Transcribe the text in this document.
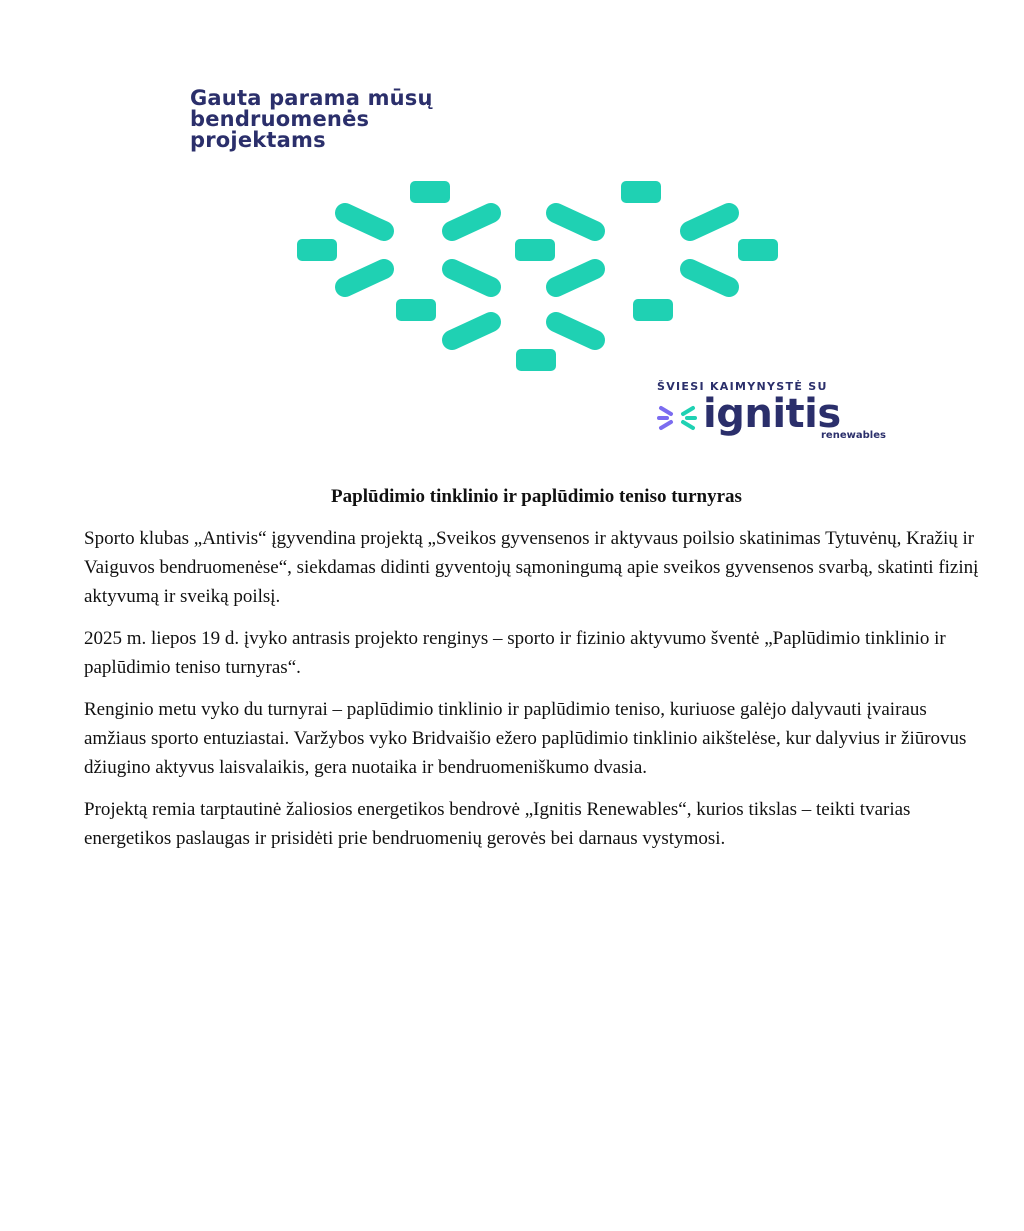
Gauta parama mūsų
bendruomenės
projektams
ŠVIESI KAIMYNYSTĖ SU
ignitis
renewables
Paplūdimio tinklinio ir paplūdimio teniso turnyras

Sporto klubas „Antivis“ įgyvendina projektą „Sveikos gyvensenos ir aktyvaus poilsio skatinimas Tytuvėnų, Kražių ir Vaiguvos bendruomenėse“, siekdamas didinti gyventojų sąmoningumą apie sveikos gyvensenos svarbą, skatinti fizinį aktyvumą ir sveiką poilsį.

2025 m. liepos 19 d. įvyko antrasis projekto renginys – sporto ir fizinio aktyvumo šventė „Paplūdimio tinklinio ir paplūdimio teniso turnyras“.

Renginio metu vyko du turnyrai – paplūdimio tinklinio ir paplūdimio teniso, kuriuose galėjo dalyvauti įvairaus amžiaus sporto entuziastai. Varžybos vyko Bridvaišio ežero paplūdimio tinklinio aikštelėse, kur dalyvius ir žiūrovus džiugino aktyvus laisvalaikis, gera nuotaika ir bendruomeniškumo dvasia.

Projektą remia tarptautinė žaliosios energetikos bendrovė „Ignitis Renewables“, kurios tikslas – teikti tvarias energetikos paslaugas ir prisidėti prie bendruomenių gerovės bei darnaus vystymosi.
